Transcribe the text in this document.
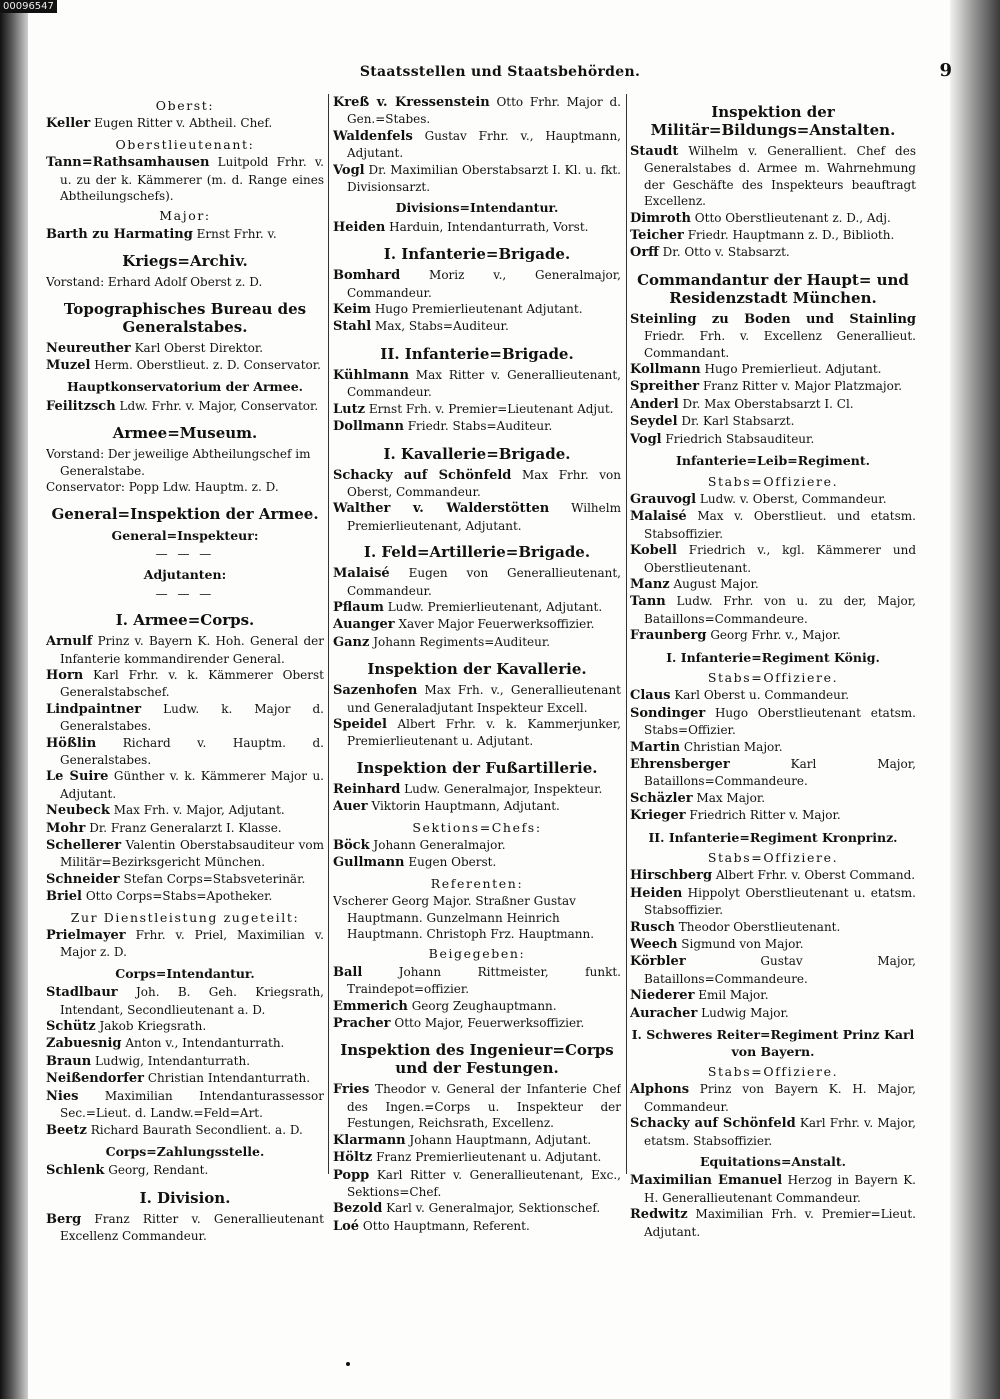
00096547
Staatsstellen und Staatsbehörden.	9
Oberst:
Keller Eugen Ritter v. Abtheil. Chef.
Oberstlieutenant:
Tann=Rathsamhausen Luitpold Frhr. v. u. zu der k. Kämmerer (m. d. Range eines Abtheilungschefs).
Major:
Barth zu Harmating Ernst Frhr. v.
Kriegs=Archiv.
Vorstand: Erhard Adolf Oberst z. D.
Topographisches Bureau des Generalstabes.
Neureuther Karl Oberst Direktor.
Muzel Herm. Oberstlieut. z. D. Conservator.
Hauptkonservatorium der Armee.
Feilitzsch Ldw. Frhr. v. Major, Conservator.
Armee=Museum.
Vorstand: Der jeweilige Abtheilungschef im Generalstabe.
Conservator: Popp Ldw. Hauptm. z. D.
General=Inspektion der Armee.
General=Inspekteur:
— — —
Adjutanten:
— — —
I. Armee=Corps.
Arnulf Prinz v. Bayern K. Hoh. General der Infanterie kommandirender General.
Horn Karl Frhr. v. k. Kämmerer Oberst Generalstabschef.
Lindpaintner Ludw. k. Major d. Generalstabes.
Hößlin Richard v. Hauptm. d. Generalstabes.
Le Suire Günther v. k. Kämmerer Major u. Adjutant.
Neubeck Max Frh. v. Major, Adjutant.
Mohr Dr. Franz Generalarzt I. Klasse.
Schellerer Valentin Oberstabsauditeur vom Militär=Bezirksgericht München.
Schneider Stefan Corps=Stabsveterinär.
Briel Otto Corps=Stabs=Apotheker.
Zur Dienstleistung zugeteilt:
Prielmayer Frhr. v. Priel, Maximilian v. Major z. D.
Corps=Intendantur.
Stadlbaur Joh. B. Geh. Kriegsrath, Intendant, Secondlieutenant a. D.
Schütz Jakob Kriegsrath.
Zabuesnig Anton v., Intendanturrath.
Braun Ludwig, Intendanturrath.
Neißendorfer Christian Intendanturrath.
Nies Maximilian Intendanturassessor Sec.=Lieut. d. Landw.=Feld=Art.
Beetz Richard Baurath Secondlient. a. D.
Corps=Zahlungsstelle.
Schlenk Georg, Rendant.
I. Division.
Berg Franz Ritter v. Generallieutenant Excellenz Commandeur.
Kreß v. Kressenstein Otto Frhr. Major d. Gen.=Stabes.
Waldenfels Gustav Frhr. v., Hauptmann, Adjutant.
Vogl Dr. Maximilian Oberstabsarzt I. Kl. u. fkt. Divisionsarzt.
Divisions=Intendantur.
Heiden Harduin, Intendanturrath, Vorst.
I. Infanterie=Brigade.
Bomhard Moriz v., Generalmajor, Commandeur.
Keim Hugo Premierlieutenant Adjutant.
Stahl Max, Stabs=Auditeur.
II. Infanterie=Brigade.
Kühlmann Max Ritter v. Generallieutenant, Commandeur.
Lutz Ernst Frh. v. Premier=Lieutenant Adjut.
Dollmann Friedr. Stabs=Auditeur.
I. Kavallerie=Brigade.
Schacky auf Schönfeld Max Frhr. von Oberst, Commandeur.
Walther v. Walderstötten Wilhelm Premierlieutenant, Adjutant.
I. Feld=Artillerie=Brigade.
Malaisé Eugen von Generallieutenant, Commandeur.
Pflaum Ludw. Premierlieutenant, Adjutant.
Auanger Xaver Major Feuerwerksoffizier.
Ganz Johann Regiments=Auditeur.
Inspektion der Kavallerie.
Sazenhofen Max Frh. v., Generallieutenant und Generaladjutant Inspekteur Excell.
Speidel Albert Frhr. v. k. Kammerjunker, Premierlieutenant u. Adjutant.
Inspektion der Fußartillerie.
Reinhard Ludw. Generalmajor, Inspekteur.
Auer Viktorin Hauptmann, Adjutant.
Sektions=Chefs:
Böck Johann Generalmajor.
Gullmann Eugen Oberst.
Referenten:
Vscherer Georg Major. Straßner Gustav Hauptmann. Gunzelmann Heinrich Hauptmann. Christoph Frz. Hauptmann.
Beigegeben:
Ball	Johann Rittmeister, funkt. Traindepot=offizier.
Emmerich Georg Zeughauptmann.
Pracher Otto Major, Feuerwerksoffizier.
Inspektion des Ingenieur=Corps und der Festungen.
Fries Theodor v. General der Infanterie Chef des Ingen.=Corps u. Inspekteur der Festungen, Reichsrath, Excellenz.
Klarmann Johann Hauptmann, Adjutant.
Höltz Franz Premierlieutenant u. Adjutant.
Popp Karl Ritter v. Generallieutenant, Exc., Sektions=Chef.
Bezold Karl v. Generalmajor, Sektionschef.
Loé Otto Hauptmann, Referent.
Inspektion der Militär=Bildungs=Anstalten.
Staudt Wilhelm v. Generallient. Chef des Generalstabes d. Armee m. Wahrnehmung der Geschäfte des Inspekteurs beauftragt Excellenz.
Dimroth Otto Oberstlieutenant z. D., Adj.
Teicher Friedr. Hauptmann z. D., Biblioth.
Orff Dr. Otto v. Stabsarzt.
Commandantur der Haupt= und Residenzstadt München.
Steinling zu Boden und Stainling Friedr. Frh. v. Excellenz Generallieut. Commandant.
Kollmann Hugo Premierlieut. Adjutant.
Spreither Franz Ritter v. Major Platzmajor.
Anderl Dr. Max Oberstabsarzt I. Cl.
Seydel Dr. Karl Stabsarzt.
Vogl Friedrich Stabsauditeur.
Infanterie=Leib=Regiment.
Stabs=Offiziere.
Grauvogl Ludw. v. Oberst, Commandeur.
Malaisé Max v. Oberstlieut. und etatsm. Stabsoffizier.
Kobell Friedrich v., kgl. Kämmerer und Oberstlieutenant.
Manz August Major.
Tann Ludw. Frhr. von u. zu der, Major, Bataillons=Commandeure.
Fraunberg Georg Frhr. v., Major.
I. Infanterie=Regiment König.
Stabs=Offiziere.
Claus Karl Oberst u. Commandeur.
Sondinger Hugo Oberstlieutenant etatsm. Stabs=Offizier.
Martin Christian Major.
Ehrensberger	Karl Major, Bataillons=Commandeure.
Schäzler Max Major.
Krieger Friedrich Ritter v. Major.
II. Infanterie=Regiment Kronprinz.
Stabs=Offiziere.
Hirschberg Albert Frhr. v. Oberst Command.
Heiden Hippolyt Oberstlieutenant u. etatsm. Stabsoffizier.
Rusch Theodor Oberstlieutenant.
Weech Sigmund von Major.
Körbler	Gustav Major, Bataillons=Commandeure.
Niederer Emil Major.
Auracher Ludwig Major.
I. Schweres Reiter=Regiment Prinz Karl von Bayern.
Stabs=Offiziere.
Alphons Prinz von Bayern K. H. Major, Commandeur.
Schacky auf Schönfeld Karl Frhr. v. Major, etatsm. Stabsoffizier.
Equitations=Anstalt.
Maximilian Emanuel Herzog in Bayern K. H. Generallieutenant Commandeur.
Redwitz Maximilian Frh. v. Premier=Lieut. Adjutant.
